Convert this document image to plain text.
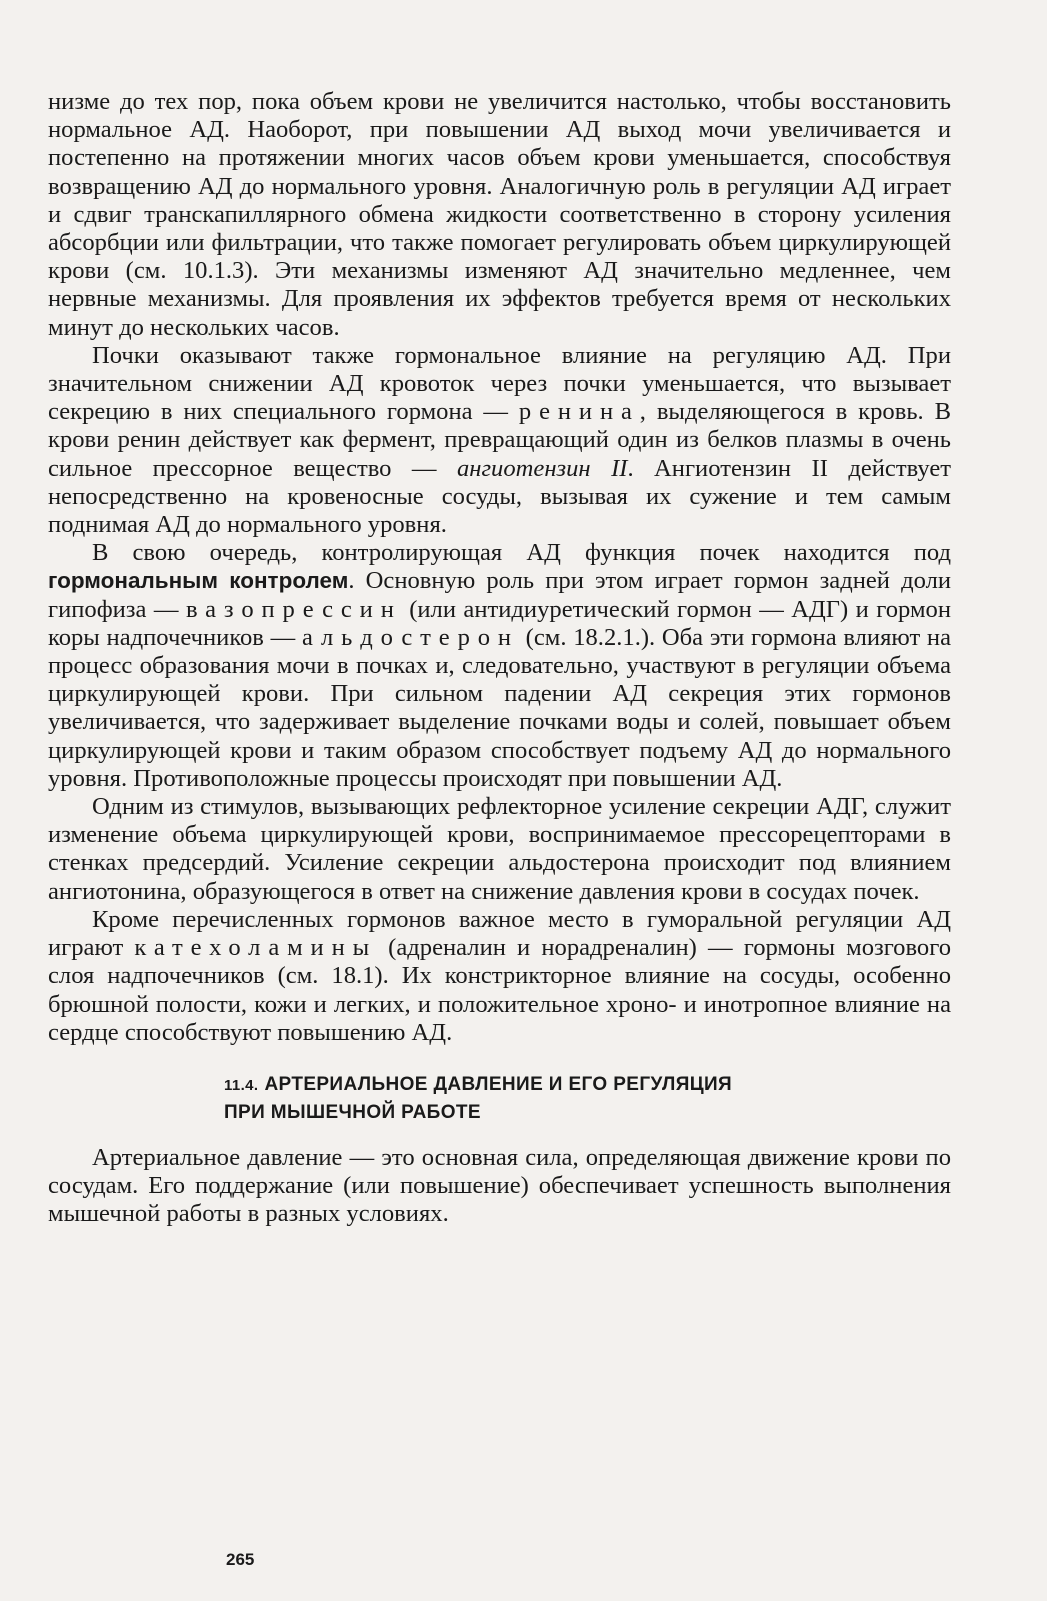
низме до тех пор, пока объем крови не увеличится настолько, чтобы восстановить нормальное АД. Наоборот, при повышении АД выход мочи увеличивается и постепенно на протяжении многих часов объем крови уменьшается, способствуя возвращению АД до нормального уровня. Аналогичную роль в регуляции АД играет и сдвиг транскапиллярного обмена жидкости соответственно в сторону усиления абсорбции или фильтрации, что также помогает регулировать объем циркулирующей крови (см. 10.1.3). Эти механизмы изменяют АД значительно медленнее, чем нервные механизмы. Для проявления их эффектов требуется время от нескольких минут до нескольких часов.

Почки оказывают также гормональное влияние на регуляцию АД. При значительном снижении АД кровоток через почки уменьшается, что вызывает секрецию в них специального гормона — ренина, выделяющегося в кровь. В крови ренин действует как фермент, превращающий один из белков плазмы в очень сильное прессорное вещество — ангиотензин II. Ангиотензин II действует непосредственно на кровеносные сосуды, вызывая их сужение и тем самым поднимая АД до нормального уровня.

В свою очередь, контролирующая АД функция почек находится под гормональным контролем. Основную роль при этом играет гормон задней доли гипофиза — вазопрессин (или антидиуретический гормон — АДГ) и гормон коры надпочечников — альдостерон (см. 18.2.1.). Оба эти гормона влияют на процесс образования мочи в почках и, следовательно, участвуют в регуляции объема циркулирующей крови. При сильном падении АД секреция этих гормонов увеличивается, что задерживает выделение почками воды и солей, повышает объем циркулирующей крови и таким образом способствует подъему АД до нормального уровня. Противоположные процессы происходят при повышении АД.

Одним из стимулов, вызывающих рефлекторное усиление секреции АДГ, служит изменение объема циркулирующей крови, воспринимаемое прессорецепторами в стенках предсердий. Усиление секреции альдостерона происходит под влиянием ангиотонина, образующегося в ответ на снижение давления крови в сосудах почек.

Кроме перечисленных гормонов важное место в гуморальной регуляции АД играют катехоламины (адреналин и норадреналин) — гормоны мозгового слоя надпочечников (см. 18.1). Их констрикторное влияние на сосуды, особенно брюшной полости, кожи и легких, и положительное хроно- и инотропное влияние на сердце способствуют повышению АД.

11.4. АРТЕРИАЛЬНОЕ ДАВЛЕНИЕ И ЕГО РЕГУЛЯЦИЯ
ПРИ МЫШЕЧНОЙ РАБОТЕ

Артериальное давление — это основная сила, определяющая движение крови по сосудам. Его поддержание (или повышение) обеспечивает успешность выполнения мышечной работы в разных условиях.

265
